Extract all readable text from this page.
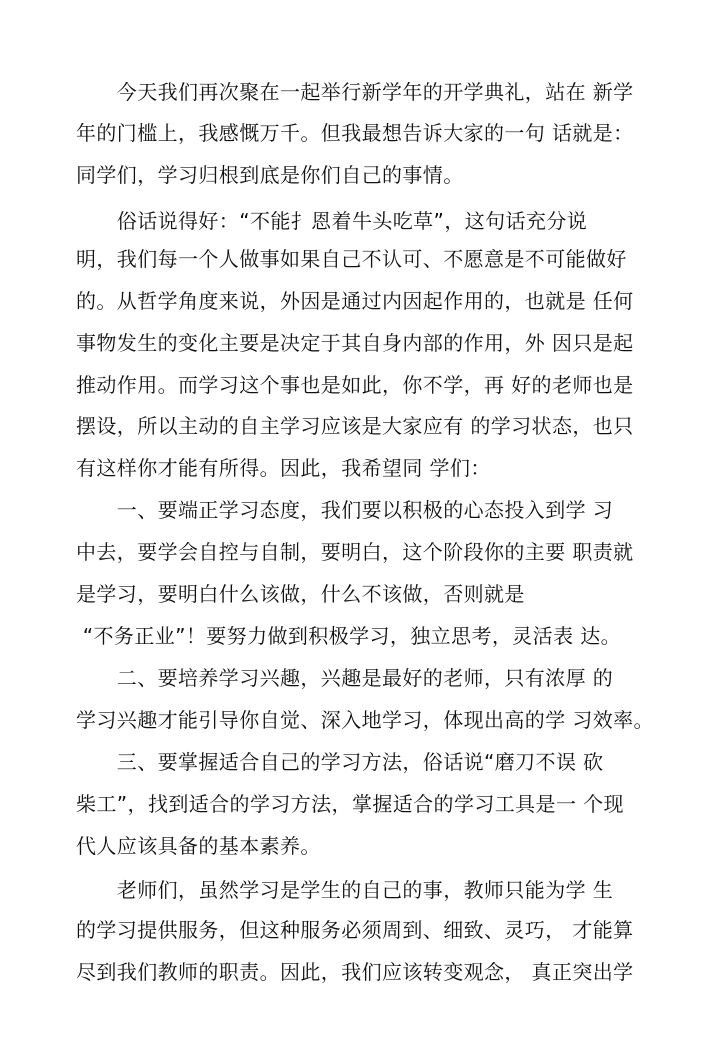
　　今天我们再次聚在一起举行新学年的开学典礼，站在 新学
年的门槛上，我感慨万千。但我最想告诉大家的一句 话就是：
同学们，学习归根到底是你们自己的事情。
　　俗话说得好：“不能扌恩着牛头吃草”，这句话充分说
明，我们每一个人做事如果自己不认可、不愿意是不可能做好
的。从哲学角度来说，外因是通过内因起作用的，也就是 任何
事物发生的变化主要是决定于其自身内部的作用，外 因只是起
推动作用。而学习这个事也是如此，你不学，再 好的老师也是
摆设，所以主动的自主学习应该是大家应有 的学习状态，也只
有这样你才能有所得。因此，我希望同 学们：
　　一、要端正学习态度，我们要以积极的心态投入到学 习
中去，要学会自控与自制，要明白，这个阶段你的主要 职责就
是学习，要明白什么该做，什么不该做，否则就是
“不务正业”！要努力做到积极学习，独立思考，灵活表 达。
　　二、要培养学习兴趣，兴趣是最好的老师，只有浓厚 的
学习兴趣才能引导你自觉、深入地学习，体现出高的学 习效率。
　　三、要掌握适合自己的学习方法，俗话说“磨刀不误 砍
柴工”，找到适合的学习方法，掌握适合的学习工具是一 个现
代人应该具备的基本素养。
　　老师们，虽然学习是学生的自己的事，教师只能为学 生
的学习提供服务，但这种服务必须周到、细致、灵巧， 才能算
尽到我们教师的职责。因此，我们应该转变观念， 真正突出学
